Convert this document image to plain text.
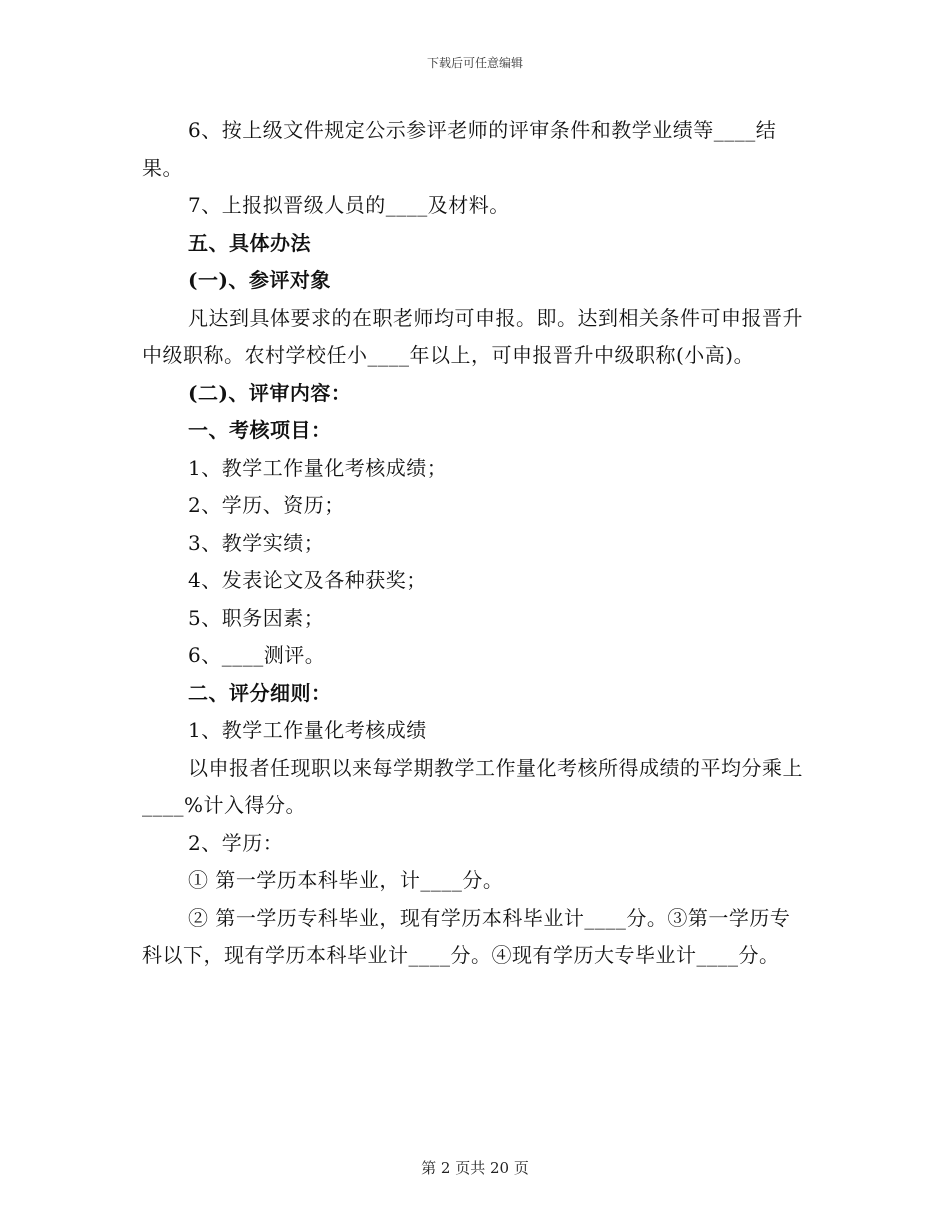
下载后可任意编辑

6、按上级文件规定公示参评老师的评审条件和教学业绩等____结果。

7、上报拟晋级人员的____及材料。

五、具体办法

(一)、参评对象

凡达到具体要求的在职老师均可申报。即。达到相关条件可申报晋升中级职称。农村学校任小____年以上，可申报晋升中级职称(小高)。

(二)、评审内容：

一、考核项目：

1、教学工作量化考核成绩；

2、学历、资历；

3、教学实绩；

4、发表论文及各种获奖；

5、职务因素；

6、____测评。

二、评分细则：

1、教学工作量化考核成绩

以申报者任现职以来每学期教学工作量化考核所得成绩的平均分乘上____%计入得分。

2、学历：

① 第一学历本科毕业，计____分。

② 第一学历专科毕业，现有学历本科毕业计____分。③第一学历专科以下，现有学历本科毕业计____分。④现有学历大专毕业计____分。

第 2 页共 20 页
